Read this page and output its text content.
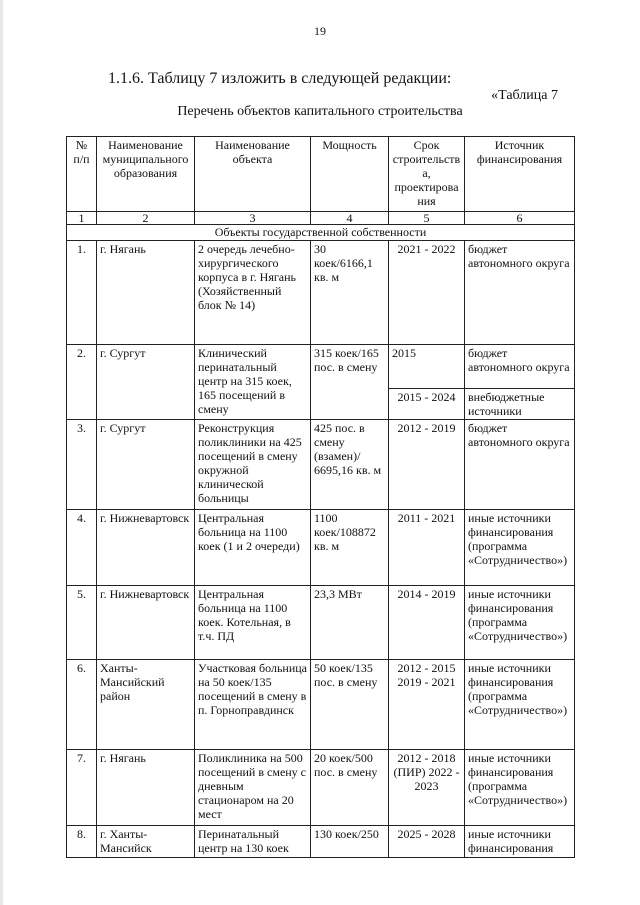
19
1.1.6. Таблицу 7 изложить в следующей редакции:
«Таблица 7
Перечень объектов капитального строительства
№ п/п	Наименование муниципального образования	Наименование объекта	Мощность	Срок строительства, проектирования	Источник финансирования
1	2	3	4	5	6
Объекты государственной собственности					
1.	г. Нягань	2 очередь лечебно-хирургического корпуса в г. Нягань (Хозяйственный блок № 14)	30 коек/6166,1 кв. м	2021 - 2022	бюджет автономного округа
2.	г. Сургут	Клинический перинатальный центр на 315 коек, 165 посещений в смену	315 коек/165 пос. в смену	2015	бюджет автономного округа
				2015 - 2024	внебюджетные источники
3.	г. Сургут	Реконструкция поликлиники на 425 посещений в смену окружной клинической больницы	425 пос. в смену (взамен)/ 6695,16 кв. м	2012 - 2019	бюджет автономного округа
4.	г. Нижневартовск	Центральная больница на 1100 коек (1 и 2 очереди)	1100 коек/108872 кв. м	2011 - 2021	иные источники финансирования (программа «Сотрудничество»)
5.	г. Нижневартовск	Центральная больница на 1100 коек. Котельная, в т.ч. ПД	23,3 МВт	2014 - 2019	иные источники финансирования (программа «Сотрудничество»)
6.	Ханты-Мансийский район	Участковая больница на 50 коек/135 посещений в смену в п. Горноправдинск	50 коек/135 пос. в смену	2012 - 2015 2019 - 2021	иные источники финансирования (программа «Сотрудничество»)
7.	г. Нягань	Поликлиника на 500 посещений в смену с дневным стационаром на 20 мест	20 коек/500 пос. в смену	2012 - 2018 (ПИР) 2022 - 2023	иные источники финансирования (программа «Сотрудничество»)
8.	г. Ханты-Мансийск	Перинатальный центр на 130 коек	130 коек/250	2025 - 2028	иные источники финансирования
